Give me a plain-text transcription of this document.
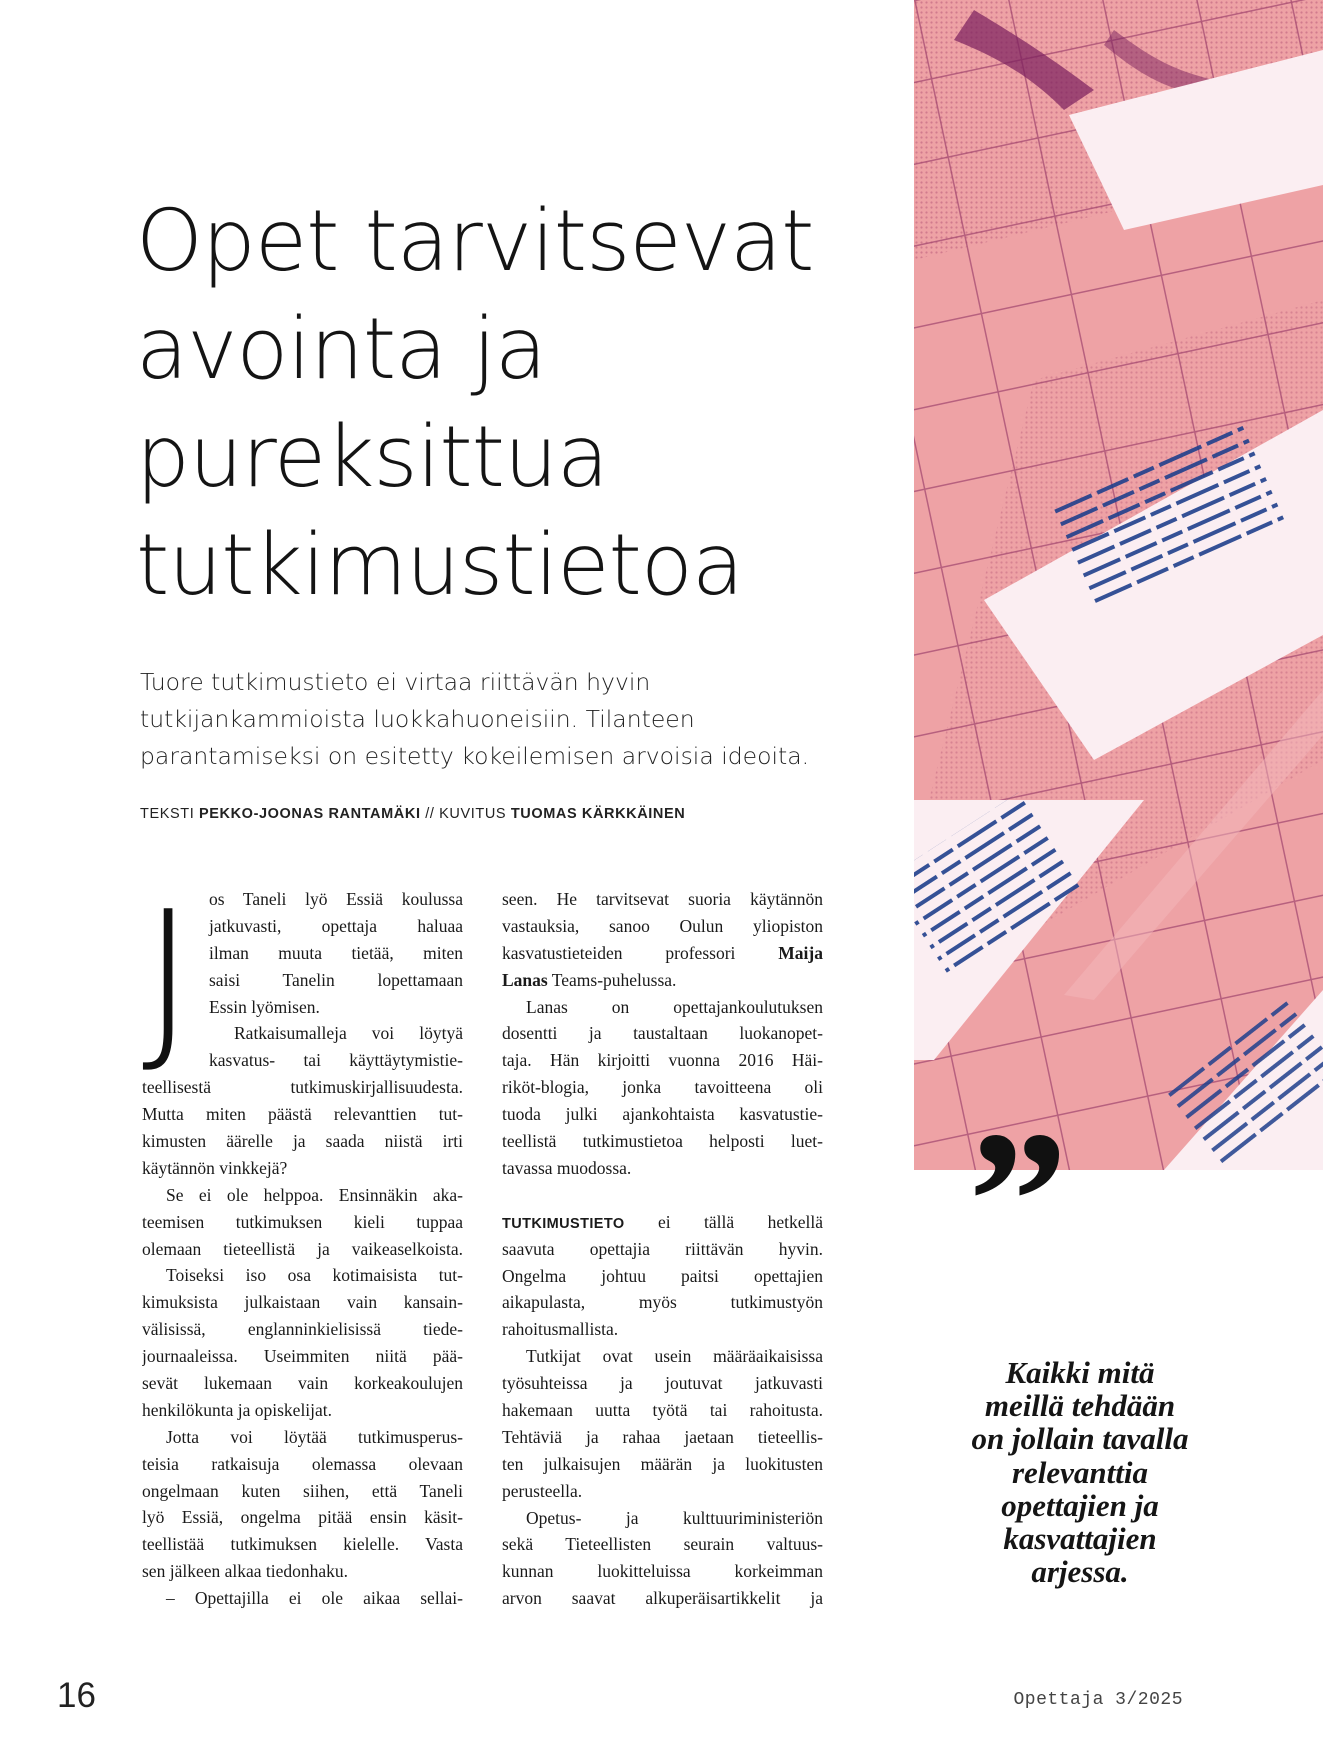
Opet tarvitsevat
avointa ja
pureksittua
tutkimustietoa

Tuore tutkimustieto ei virtaa riittävän hyvin
tutkijankammioista luokkahuoneisiin. Tilanteen
parantamiseksi on esitetty kokeilemisen arvoisia ideoita.

TEKSTI PEKKO-JOONAS RANTAMÄKI // KUVITUS TUOMAS KÄRKKÄINEN
J os Taneli lyö Essiä koulussa
jatkuvasti, opettaja haluaa
ilman muuta tietää, miten
saisi Tanelin lopettamaan
Essin lyömisen.
Ratkaisumalleja voi löytyä
kasvatus- tai käyttäytymistie-
teellisestä tutkimuskirjallisuudesta.
Mutta miten päästä relevanttien tut-
kimusten äärelle ja saada niistä irti
käytännön vinkkejä?
Se ei ole helppoa. Ensinnäkin aka-
teemisen tutkimuksen kieli tuppaa
olemaan tieteellistä ja vaikeaselkoista.
Toiseksi iso osa kotimaisista tut-
kimuksista julkaistaan vain kansain-
välisissä, englanninkielisissä tiede-
journaaleissa. Useimmiten niitä pää-
sevät lukemaan vain korkeakoulujen
henkilökunta ja opiskelijat.
Jotta voi löytää tutkimusperus-
teisia ratkaisuja olemassa olevaan
ongelmaan kuten siihen, että Taneli
lyö Essiä, ongelma pitää ensin käsit-
teellistää tutkimuksen kielelle. Vasta
sen jälkeen alkaa tiedonhaku.
– Opettajilla ei ole aikaa sellai-
seen. He tarvitsevat suoria käytännön
vastauksia, sanoo Oulun yliopiston
kasvatustieteiden professori Maija
Lanas Teams-puhelussa.
Lanas on opettajankoulutuksen
dosentti ja taustaltaan luokanopet-
taja. Hän kirjoitti vuonna 2016 Häi-
riköt-blogia, jonka tavoitteena oli
tuoda julki ajankohtaista kasvatustie-
teellistä tutkimustietoa helposti luet-
tavassa muodossa.
TUTKIMUSTIETO ei tällä hetkellä
saavuta opettajia riittävän hyvin.
Ongelma johtuu paitsi opettajien
aikapulasta, myös tutkimustyön
rahoitusmallista.
Tutkijat ovat usein määräaikaisissa
työsuhteissa ja joutuvat jatkuvasti
hakemaan uutta työtä tai rahoitusta.
Tehtäviä ja rahaa jaetaan tieteellis-
ten julkaisujen määrän ja luokitusten
perusteella.
Opetus- ja kulttuuriministeriön
sekä Tieteellisten seurain valtuus-
kunnan luokitteluissa korkeimman
arvon saavat alkuperäisartikkelit ja
”
Kaikki mitä
meillä tehdään
on jollain tavalla
relevanttia
opettajien ja
kasvattajien
arjessa.
16	Opettaja 3/2025
